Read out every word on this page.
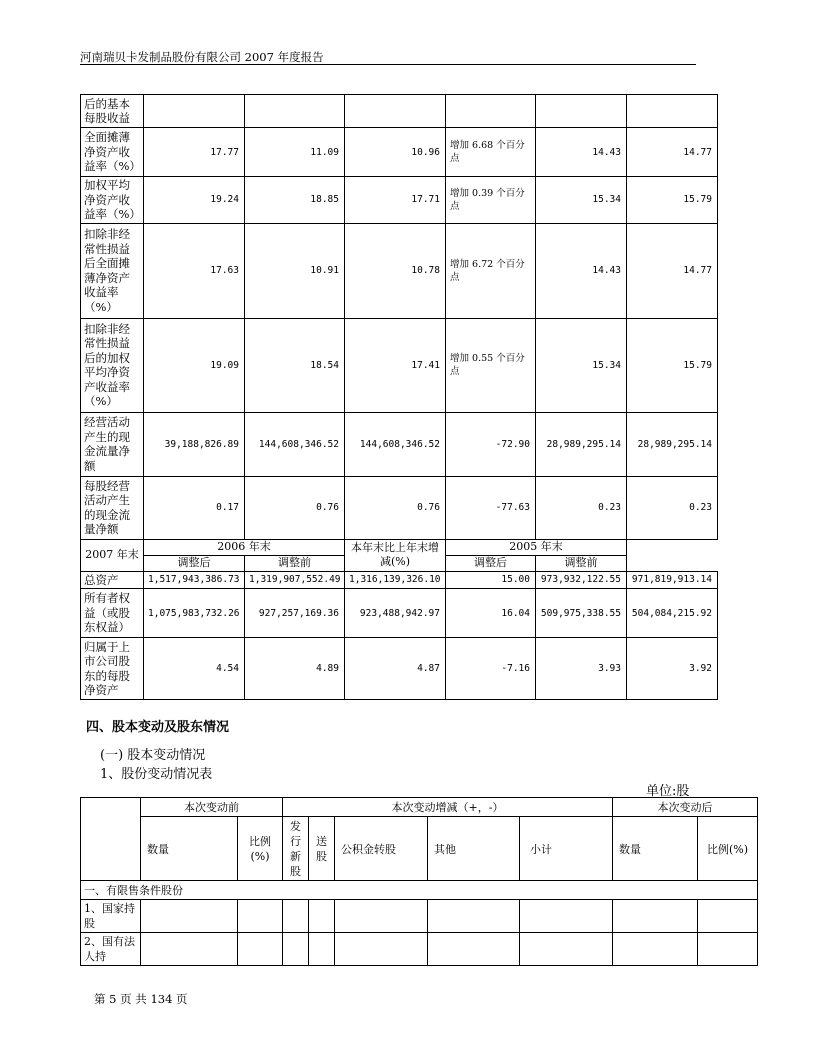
河南瑞贝卡发制品股份有限公司 2007 年度报告
后的基本每股收益						
全面摊薄净资产收益率（%）	17.77	11.09	10.96	增加 6.68 个百分点	14.43	14.77
加权平均净资产收益率（%）	19.24	18.85	17.71	增加 0.39 个百分点	15.34	15.79
扣除非经常性损益后全面摊薄净资产收益率（%）	17.63	10.91	10.78	增加 6.72 个百分点	14.43	14.77
扣除非经常性损益后的加权平均净资产收益率（%）	19.09	18.54	17.41	增加 0.55 个百分点	15.34	15.79
经营活动产生的现金流量净额	39,188,826.89	144,608,346.52	144,608,346.52	-72.90	28,989,295.14	28,989,295.14
每股经营活动产生的现金流量净额	0.17	0.76	0.76	-77.63	0.23	0.23
2007 年末	2006 年末		本年末比上年末增减(%)	2005 年末		
	调整后	调整前		调整后	调整前	
总资产	1,517,943,386.73	1,319,907,552.49	1,316,139,326.10	15.00	973,932,122.55	971,819,913.14
所有者权益（或股东权益）	1,075,983,732.26	927,257,169.36	923,488,942.97	16.04	509,975,338.55	504,084,215.92
归属于上市公司股东的每股净资产	4.54	4.89	4.87	-7.16	3.93	3.92
四、股本变动及股东情况
(一) 股本变动情况
1、股份变动情况表
单位:股
	本次变动前		本次变动增减（+，-）					本次变动后	
	数量	比例(%)	发行新股	送股	公积金转股	其他	小计	数量	比例(%)
一、有限售条件股份									
1、国家持股									
2、国有法人持									
第 5 页 共 134 页
